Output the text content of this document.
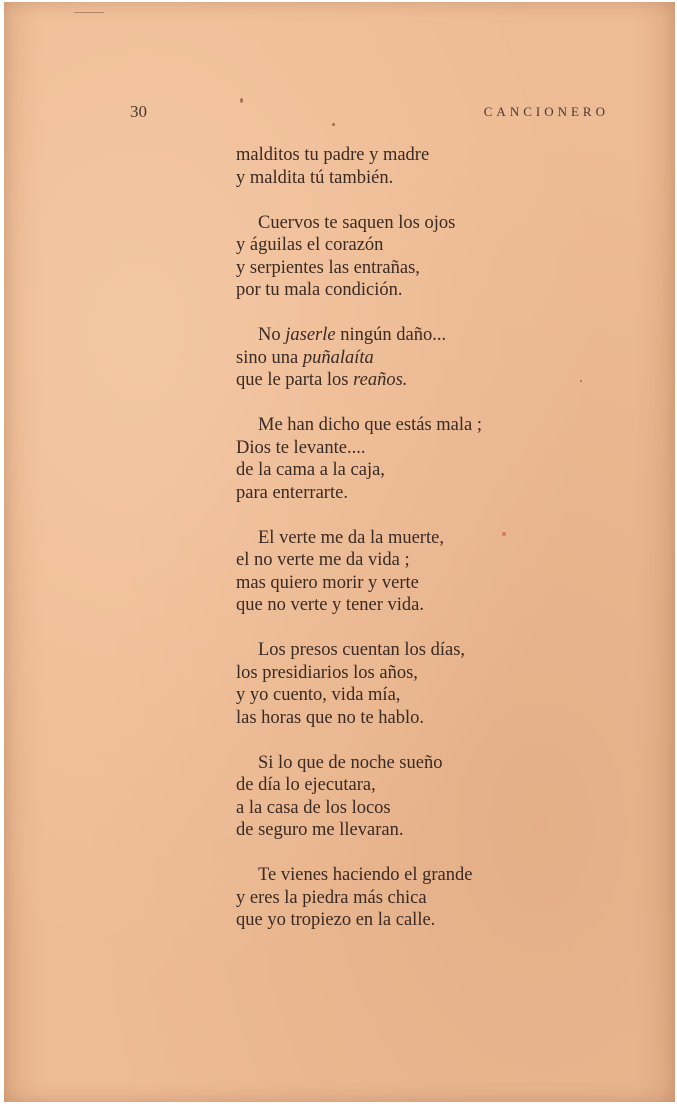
30	CANCIONERO
malditos tu padre y madre
y maldita tú también.
Cuervos te saquen los ojos
y águilas el corazón
y serpientes las entrañas,
por tu mala condición.
No jaserle ningún daño...
sino una puñalaíta
que le parta los reaños.
Me han dicho que estás mala ;
Dios te levante....
de la cama a la caja,
para enterrarte.
El verte me da la muerte,
el no verte me da vida ;
mas quiero morir y verte
que no verte y tener vida.
Los presos cuentan los días,
los presidiarios los años,
y yo cuento, vida mía,
las horas que no te hablo.
Si lo que de noche sueño
de día lo ejecutara,
a la casa de los locos
de seguro me llevaran.
Te vienes haciendo el grande
y eres la piedra más chica
que yo tropiezo en la calle.
